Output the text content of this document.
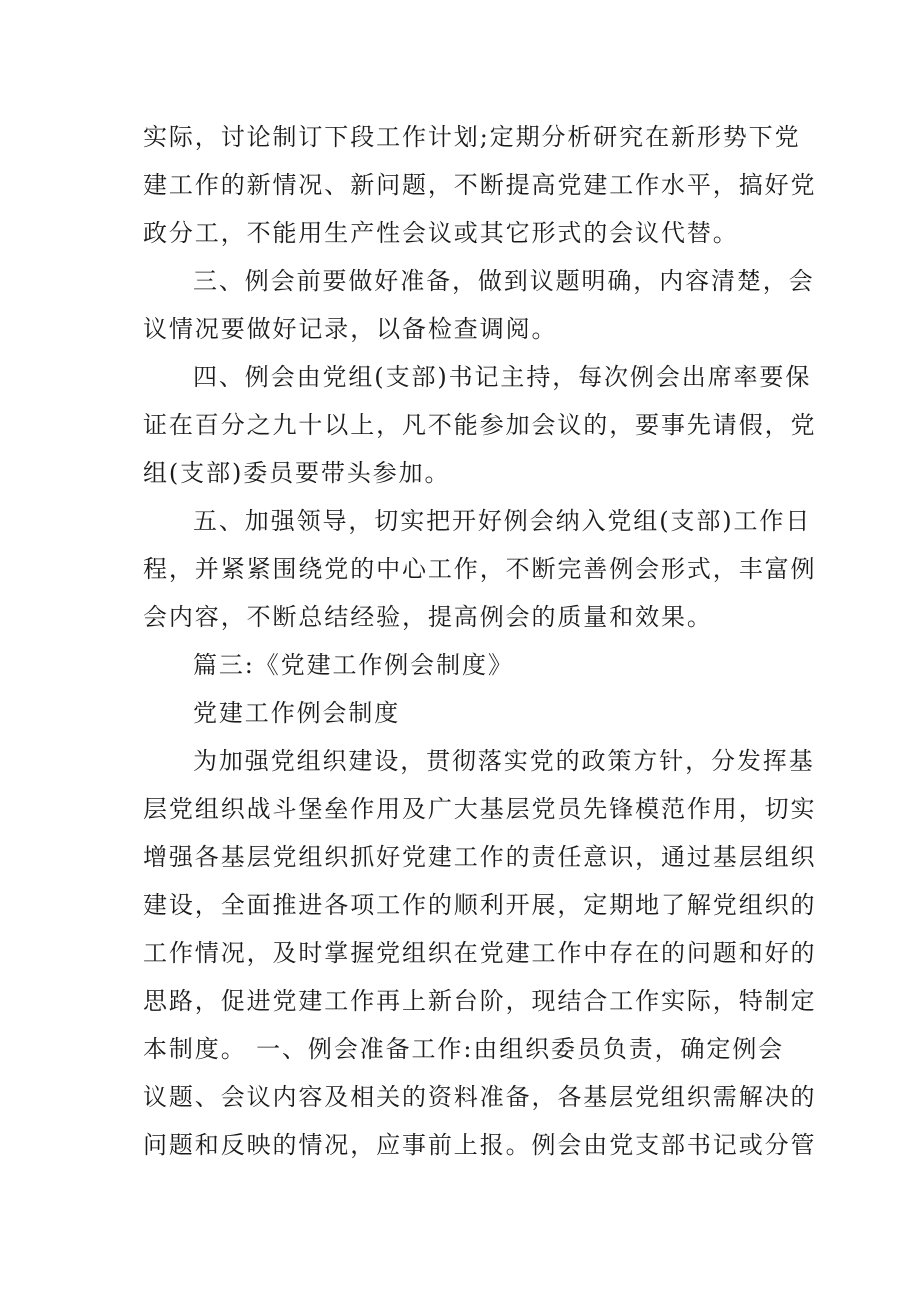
实际，讨论制订下段工作计划;定期分析研究在新形势下党
建工作的新情况、新问题，不断提高党建工作水平，搞好党
政分工，不能用生产性会议或其它形式的会议代替。
三、例会前要做好准备，做到议题明确，内容清楚，会
议情况要做好记录，以备检查调阅。
四、例会由党组(支部)书记主持，每次例会出席率要保
证在百分之九十以上，凡不能参加会议的，要事先请假，党
组(支部)委员要带头参加。
五、加强领导，切实把开好例会纳入党组(支部)工作日
程，并紧紧围绕党的中心工作，不断完善例会形式，丰富例
会内容，不断总结经验，提高例会的质量和效果。
篇三:《党建工作例会制度》
党建工作例会制度
为加强党组织建设，贯彻落实党的政策方针，分发挥基
层党组织战斗堡垒作用及广大基层党员先锋模范作用，切实
增强各基层党组织抓好党建工作的责任意识，通过基层组织
建设，全面推进各项工作的顺利开展，定期地了解党组织的
工作情况，及时掌握党组织在党建工作中存在的问题和好的
思路，促进党建工作再上新台阶，现结合工作实际，特制定
本制度。 一、例会准备工作:由组织委员负责，确定例会
议题、会议内容及相关的资料准备，各基层党组织需解决的
问题和反映的情况，应事前上报。例会由党支部书记或分管
